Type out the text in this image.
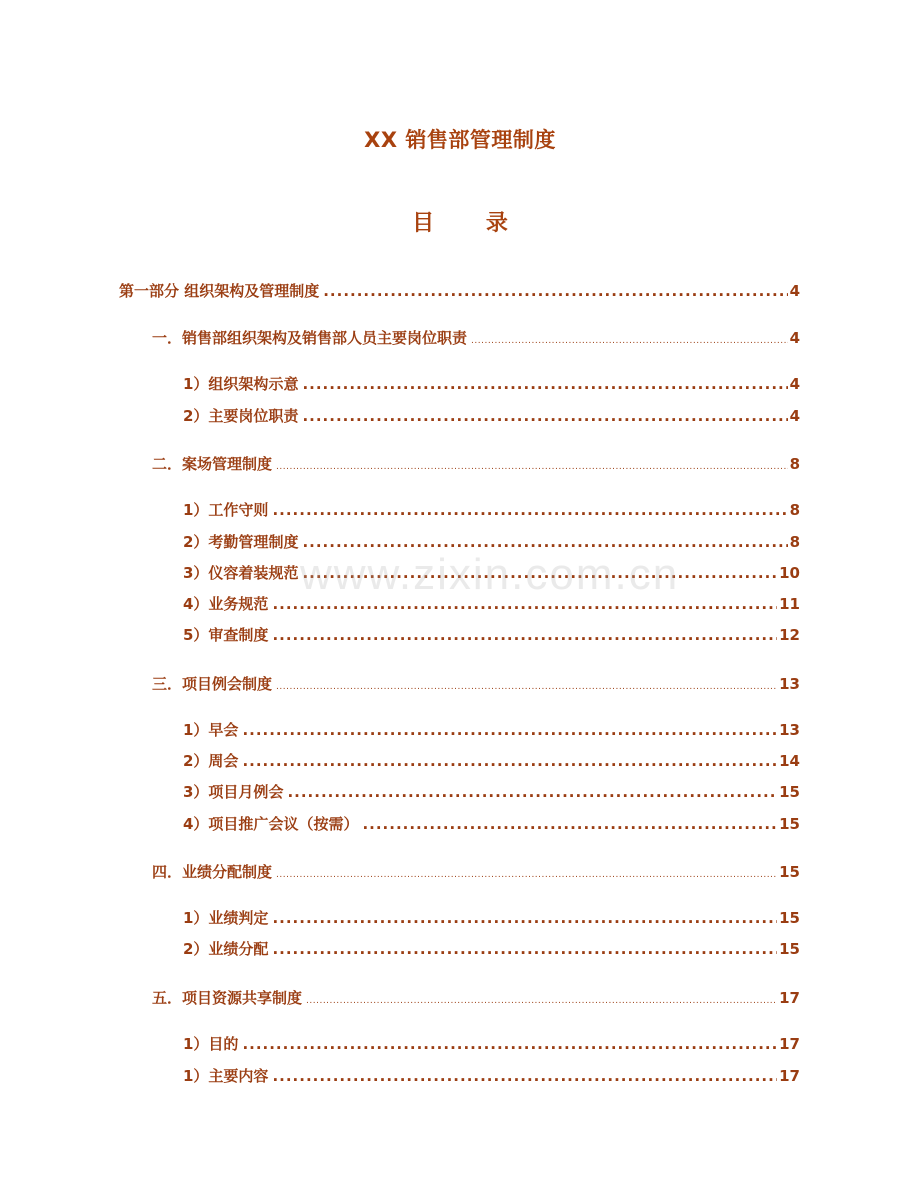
XX 销售部管理制度
目 录
第一部分 组织架构及管理制度 .....	4
一．销售部组织架构及销售部人员主要岗位职责 .....	4
1）组织架构示意 .....	4
2）主要岗位职责 .....	4
二．案场管理制度 .....	8
1）工作守则 .....	8
2）考勤管理制度 .....	8
3）仪容着装规范 .....	10
4）业务规范 .....	11
5）审查制度 .....	12
三．项目例会制度 .....	13
1）早会 .....	13
2）周会 .....	14
3）项目月例会 .....	15
4）项目推广会议（按需） .....	15
四．业绩分配制度 .....	15
1）业绩判定 .....	15
2）业绩分配 .....	15
五．项目资源共享制度 .....	17
1）目的 .....	17
1）主要内容 .....	17
www.zixin.com.cn
